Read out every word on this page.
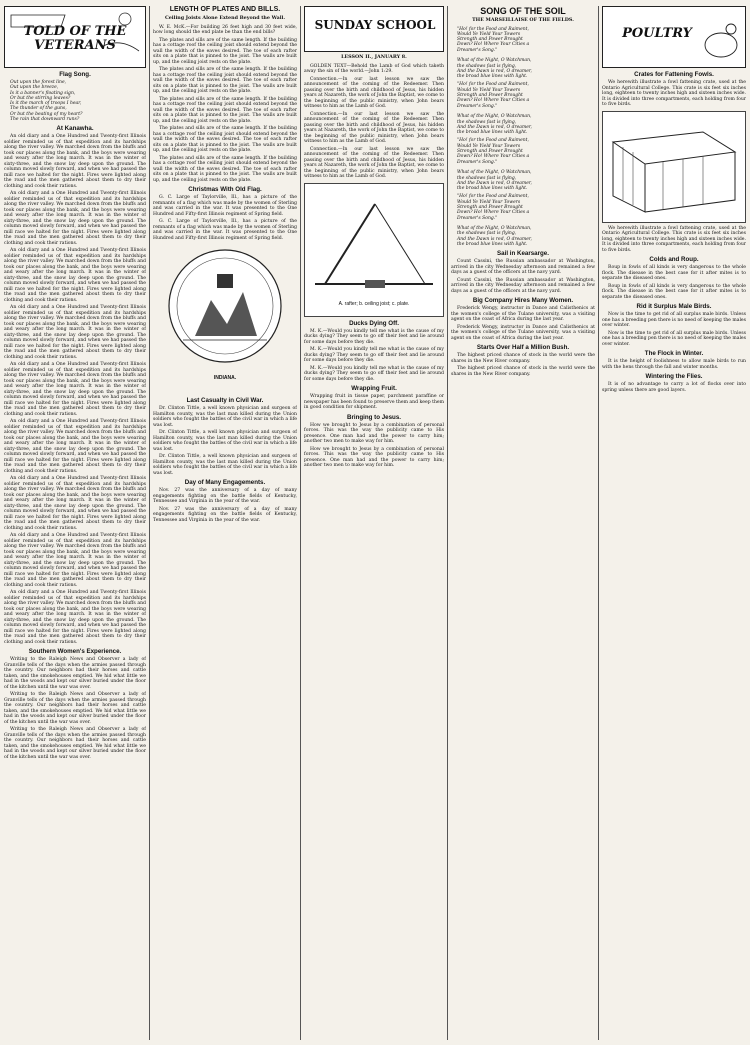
TOLD OF THE VETERANS
Flag Song.
Out upon the forest line,
Out upon the breeze,
Is it a banner's floating sign,
Or but the stirring leaves?
Is it the march of troops I hear,
The thunder of the guns,
Or but the beating of my heart?
The rain that downward runs?
At Kanawha.

An old diary and a One Hundred and Twenty-first Illinois soldier reminded us of that expedition and its hardships along the river valley. We marched down from the bluffs and took our places along the bank, and the boys were wearing and weary after the long march. It was in the winter of sixty-three, and the snow lay deep upon the ground. The column moved slowly forward, and when we had passed the mill race we halted for the night. Fires were lighted along the road and the men gathered about them to dry their clothing and cook their rations.

An old diary and a One Hundred and Twenty-first Illinois soldier reminded us of that expedition and its hardships along the river valley. We marched down from the bluffs and took our places along the bank, and the boys were wearing and weary after the long march. It was in the winter of sixty-three, and the snow lay deep upon the ground. The column moved slowly forward, and when we had passed the mill race we halted for the night. Fires were lighted along the road and the men gathered about them to dry their clothing and cook their rations.

An old diary and a One Hundred and Twenty-first Illinois soldier reminded us of that expedition and its hardships along the river valley. We marched down from the bluffs and took our places along the bank, and the boys were wearing and weary after the long march. It was in the winter of sixty-three, and the snow lay deep upon the ground. The column moved slowly forward, and when we had passed the mill race we halted for the night. Fires were lighted along the road and the men gathered about them to dry their clothing and cook their rations.

An old diary and a One Hundred and Twenty-first Illinois soldier reminded us of that expedition and its hardships along the river valley. We marched down from the bluffs and took our places along the bank, and the boys were wearing and weary after the long march. It was in the winter of sixty-three, and the snow lay deep upon the ground. The column moved slowly forward, and when we had passed the mill race we halted for the night. Fires were lighted along the road and the men gathered about them to dry their clothing and cook their rations.

An old diary and a One Hundred and Twenty-first Illinois soldier reminded us of that expedition and its hardships along the river valley. We marched down from the bluffs and took our places along the bank, and the boys were wearing and weary after the long march. It was in the winter of sixty-three, and the snow lay deep upon the ground. The column moved slowly forward, and when we had passed the mill race we halted for the night. Fires were lighted along the road and the men gathered about them to dry their clothing and cook their rations.

An old diary and a One Hundred and Twenty-first Illinois soldier reminded us of that expedition and its hardships along the river valley. We marched down from the bluffs and took our places along the bank, and the boys were wearing and weary after the long march. It was in the winter of sixty-three, and the snow lay deep upon the ground. The column moved slowly forward, and when we had passed the mill race we halted for the night. Fires were lighted along the road and the men gathered about them to dry their clothing and cook their rations.

An old diary and a One Hundred and Twenty-first Illinois soldier reminded us of that expedition and its hardships along the river valley. We marched down from the bluffs and took our places along the bank, and the boys were wearing and weary after the long march. It was in the winter of sixty-three, and the snow lay deep upon the ground. The column moved slowly forward, and when we had passed the mill race we halted for the night. Fires were lighted along the road and the men gathered about them to dry their clothing and cook their rations.

An old diary and a One Hundred and Twenty-first Illinois soldier reminded us of that expedition and its hardships along the river valley. We marched down from the bluffs and took our places along the bank, and the boys were wearing and weary after the long march. It was in the winter of sixty-three, and the snow lay deep upon the ground. The column moved slowly forward, and when we had passed the mill race we halted for the night. Fires were lighted along the road and the men gathered about them to dry their clothing and cook their rations.

An old diary and a One Hundred and Twenty-first Illinois soldier reminded us of that expedition and its hardships along the river valley. We marched down from the bluffs and took our places along the bank, and the boys were wearing and weary after the long march. It was in the winter of sixty-three, and the snow lay deep upon the ground. The column moved slowly forward, and when we had passed the mill race we halted for the night. Fires were lighted along the road and the men gathered about them to dry their clothing and cook their rations.

Southern Women's Experience.

Writing to the Raleigh News and Observer a lady of Granville tells of the days when the armies passed through the country. Our neighbors had their horses and cattle taken, and the smokehouses emptied. We hid what little we had in the woods and kept our silver buried under the floor of the kitchen until the war was over.

Writing to the Raleigh News and Observer a lady of Granville tells of the days when the armies passed through the country. Our neighbors had their horses and cattle taken, and the smokehouses emptied. We hid what little we had in the woods and kept our silver buried under the floor of the kitchen until the war was over.

Writing to the Raleigh News and Observer a lady of Granville tells of the days when the armies passed through the country. Our neighbors had their horses and cattle taken, and the smokehouses emptied. We hid what little we had in the woods and kept our silver buried under the floor of the kitchen until the war was over.

LENGTH OF PLATES AND BILLS.
Ceiling Joists Alone Extend Beyond the Wall.

W. E. McK.—For building 26 feet high and 30 feet wide, how long should the end plate be than the end bills?

The plates and sills are of the same length. If the building has a cottage roof the ceiling joist should extend beyond the wall the width of the eaves desired. The toe of each rafter sits on a plate that is pinned to the joist. The walls are built up, and the ceiling joist rests on the plate.

The plates and sills are of the same length. If the building has a cottage roof the ceiling joist should extend beyond the wall the width of the eaves desired. The toe of each rafter sits on a plate that is pinned to the joist. The walls are built up, and the ceiling joist rests on the plate.

The plates and sills are of the same length. If the building has a cottage roof the ceiling joist should extend beyond the wall the width of the eaves desired. The toe of each rafter sits on a plate that is pinned to the joist. The walls are built up, and the ceiling joist rests on the plate.

The plates and sills are of the same length. If the building has a cottage roof the ceiling joist should extend beyond the wall the width of the eaves desired. The toe of each rafter sits on a plate that is pinned to the joist. The walls are built up, and the ceiling joist rests on the plate.

The plates and sills are of the same length. If the building has a cottage roof the ceiling joist should extend beyond the wall the width of the eaves desired. The toe of each rafter sits on a plate that is pinned to the joist. The walls are built up, and the ceiling joist rests on the plate.

Christmas With Old Flag.

G. C. Large of Taylorville, Ill., has a picture of the remnants of a flag which was made by the women of Sterling and was carried in the war. It was presented to the One Hundred and Fifty-first Illinois regiment of Spring field.

G. C. Large of Taylorville, Ill., has a picture of the remnants of a flag which was made by the women of Sterling and was carried in the war. It was presented to the One Hundred and Fifty-first Illinois regiment of Spring field.

INDIANA.
Last Casualty in Civil War.

Dr. Clinton Tittle, a well known physician and surgeon of Hamilton county, was the last man killed during the Union soldiers who fought the battles of the civil war in which a life was lost.

Dr. Clinton Tittle, a well known physician and surgeon of Hamilton county, was the last man killed during the Union soldiers who fought the battles of the civil war in which a life was lost.

Dr. Clinton Tittle, a well known physician and surgeon of Hamilton county, was the last man killed during the Union soldiers who fought the battles of the civil war in which a life was lost.

Day of Many Engagements.

Nov. 27 was the anniversary of a day of many engagements fighting on the battle fields of Kentucky, Tennessee and Virginia in the year of the war.

Nov. 27 was the anniversary of a day of many engagements fighting on the battle fields of Kentucky, Tennessee and Virginia in the year of the war.

SUNDAY SCHOOL
LESSON II., JANUARY 8.

GOLDEN TEXT—Behold the Lamb of God which taketh away the sin of the world.—John 1:29.

Connection.—In our last lesson we saw the announcement of the coming of the Redeemer. Then passing over the birth and childhood of Jesus, his hidden years at Nazareth, the work of John the Baptist, we come to the beginning of the public ministry, when John bears witness to him as the Lamb of God.

Connection.—In our last lesson we saw the announcement of the coming of the Redeemer. Then passing over the birth and childhood of Jesus, his hidden years at Nazareth, the work of John the Baptist, we come to the beginning of the public ministry, when John bears witness to him as the Lamb of God.

Connection.—In our last lesson we saw the announcement of the coming of the Redeemer. Then passing over the birth and childhood of Jesus, his hidden years at Nazareth, the work of John the Baptist, we come to the beginning of the public ministry, when John bears witness to him as the Lamb of God.

A. rafter; b. ceiling joist; c. plate.
Ducks Dying Off.

M. K.—Would you kindly tell me what is the cause of my ducks dying? They seem to go off their feet and lie around for some days before they die.

M. K.—Would you kindly tell me what is the cause of my ducks dying? They seem to go off their feet and lie around for some days before they die.

M. K.—Would you kindly tell me what is the cause of my ducks dying? They seem to go off their feet and lie around for some days before they die.

Wrapping Fruit.

Wrapping fruit in tissue paper, parchment paraffine or newspaper has been found to preserve them and keep them in good condition for shipment.

Bringing to Jesus.

How we brought to Jesus by a combination of personal forces. This was the way the publicity came to His presence. One man had and the power to carry him; another two men to make way for him.

How we brought to Jesus by a combination of personal forces. This was the way the publicity came to His presence. One man had and the power to carry him; another two men to make way for him.

SONG OF THE SOIL
THE MARSEILLAISE OF THE FIELDS.
"Ho! for the Food and Raiment,
Would Ye Yield Your Towers
Strength and Power Brought
Down? Ho! Where Your Cities a
Dreamer's Song."

What of the Night, O Watchman,
the shadows fast is flying,
And the Dawn is red, O dreamer,
the broad blue lines with light.
"Ho! for the Food and Raiment,
Would Ye Yield Your Towers
Strength and Power Brought
Down? Ho! Where Your Cities a
Dreamer's Song."

What of the Night, O Watchman,
the shadows fast is flying,
And the Dawn is red, O dreamer,
the broad blue lines with light.
"Ho! for the Food and Raiment,
Would Ye Yield Your Towers
Strength and Power Brought
Down? Ho! Where Your Cities a
Dreamer's Song."

What of the Night, O Watchman,
the shadows fast is flying,
And the Dawn is red, O dreamer,
the broad blue lines with light.
"Ho! for the Food and Raiment,
Would Ye Yield Your Towers
Strength and Power Brought
Down? Ho! Where Your Cities a
Dreamer's Song."

What of the Night, O Watchman,
the shadows fast is flying,
And the Dawn is red, O dreamer,
the broad blue lines with light.
Sail in Kearsarge.

Count Cassini, the Russian ambassador at Washington, arrived in the city Wednesday afternoon and remained a few days as a guest of the officers at the navy yard.

Count Cassini, the Russian ambassador at Washington, arrived in the city Wednesday afternoon and remained a few days as a guest of the officers at the navy yard.

Big Company Hires Many Women.

Frederick Wengy, instructor in Dance and Calisthenics at the women's college of the Tulane university, was a visiting agent on the coast of Africa during the last year.

Frederick Wengy, instructor in Dance and Calisthenics at the women's college of the Tulane university, was a visiting agent on the coast of Africa during the last year.

Starts Over Half a Million Bush.

The highest priced chance of stock in the world were the shares in the New River company.

The highest priced chance of stock in the world were the shares in the New River company.

POULTRY
Crates for Fattening Fowls.

We herewith illustrate a fowl fattening crate, used at the Ontario Agricultural College. This crate is six feet six inches long, eighteen to twenty inches high and sixteen inches wide. It is divided into three compartments, each holding from four to five birds.

We herewith illustrate a fowl fattening crate, used at the Ontario Agricultural College. This crate is six feet six inches long, eighteen to twenty inches high and sixteen inches wide. It is divided into three compartments, each holding from four to five birds.

Colds and Roup.

Roup in fowls of all kinds is very dangerous to the whole flock. The disease in the best case for it after mites is to separate the diseased ones.

Roup in fowls of all kinds is very dangerous to the whole flock. The disease in the best case for it after mites is to separate the diseased ones.

Rid it Surplus Male Birds.

Now is the time to get rid of all surplus male birds. Unless one has a breeding pen there is no need of keeping the males over winter.

Now is the time to get rid of all surplus male birds. Unless one has a breeding pen there is no need of keeping the males over winter.

The Flock in Winter.

It is the height of foolishness to allow male birds to run with the hens through the fall and winter months.

Wintering the Flies.

It is of no advantage to carry a lot of flocks over into spring unless there are good layers.
